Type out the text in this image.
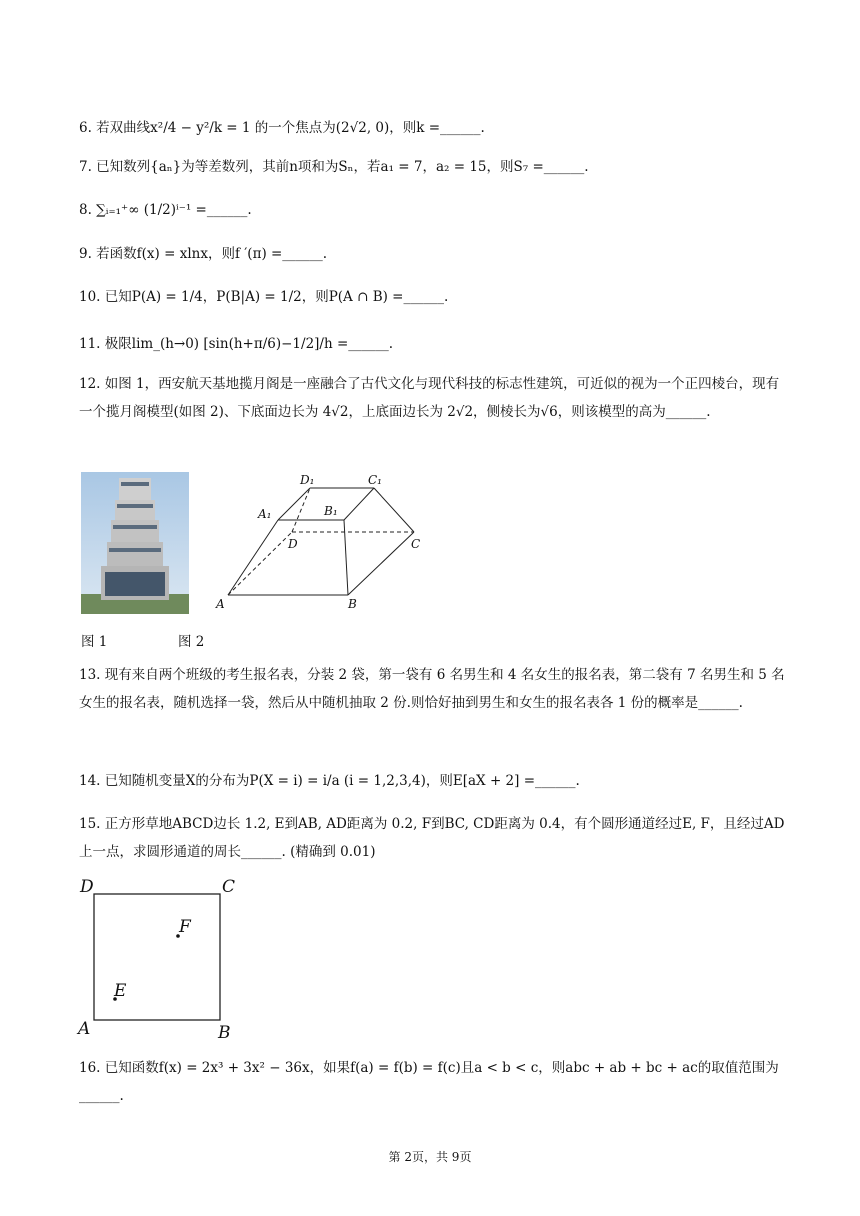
6. 若双曲线x²/4 − y²/k = 1 的一个焦点为(2√2, 0)，则k =______.
7. 已知数列{aₙ}为等差数列，其前n项和为Sₙ，若a₁ = 7，a₂ = 15，则S₇ =______.
8. ∑ᵢ₌₁⁺∞ (1/2)ⁱ⁻¹ =______.
9. 若函数f(x) = xlnx，则f ′(π) =______.
10. 已知P(A) = 1/4，P(B|A) = 1/2，则P(A ∩ B) =______.
11. 极限lim_(h→0) [sin(h+π/6)−1/2]/h =______.
12. 如图 1，西安航天基地揽月阁是一座融合了古代文化与现代科技的标志性建筑，可近似的视为一个正四棱台，现有一个揽月阁模型(如图 2)、下底面边长为 4√2，上底面边长为 2√2，侧棱长为√6，则该模型的高为______.
A	B
C
D
A₁	B₁
C₁
D₁
图 1	图 2
13. 现有来自两个班级的考生报名表，分装 2 袋，第一袋有 6 名男生和 4 名女生的报名表，第二袋有 7 名男生和 5 名女生的报名表，随机选择一袋，然后从中随机抽取 2 份.则恰好抽到男生和女生的报名表各 1 份的概率是______.
14. 已知随机变量X的分布为P(X = i) = i/a (i = 1,2,3,4)，则E[aX + 2] =______.
15. 正方形草地ABCD边长 1.2, E到AB, AD距离为 0.2, F到BC, CD距离为 0.4，有个圆形通道经过E, F，且经过AD上一点，求圆形通道的周长______. (精确到 0.01)
D	C
A	B
F
E
16. 已知函数f(x) = 2x³ + 3x² − 36x，如果f(a) = f(b) = f(c)且a < b < c，则abc + ab + bc + ac的取值范围为______.
第 2页，共 9页
